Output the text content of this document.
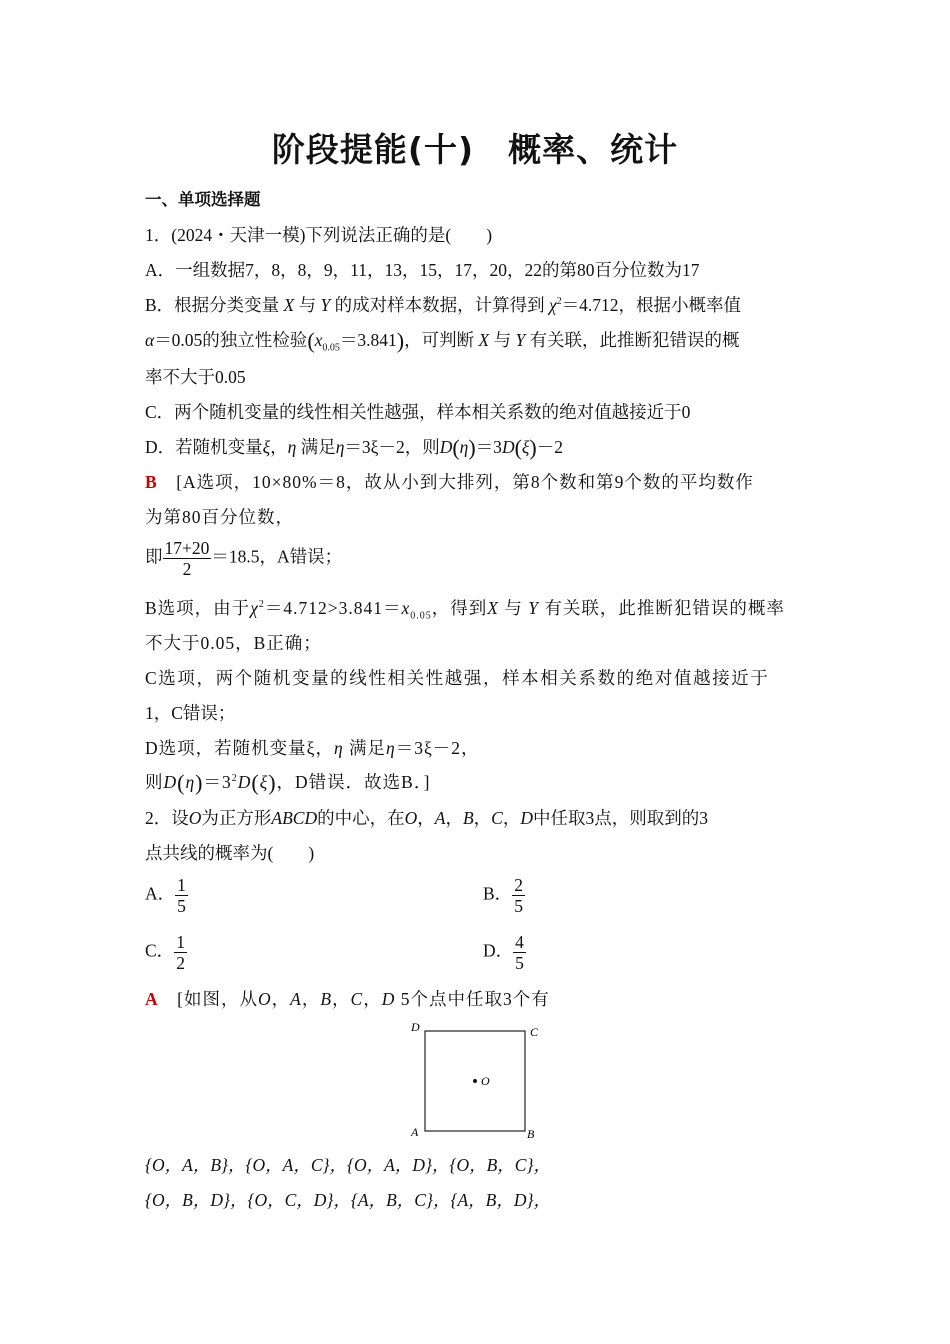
阶段提能(十)　概率、统计
一、单项选择题
1．(2024・天津一模)下列说法正确的是(　　)
A．一组数据7，8，8，9，11，13，15，17，20，22的第80百分位数为17
B．根据分类变量 X 与 Y 的成对样本数据，计算得到 $\chi^2=4.712$，根据小概率值
α＝0.05的独立性检验$(x_{0.05}=3.841)$，可判断 X 与 Y 有关联，此推断犯错误的概
率不大于0.05
C．两个随机变量的线性相关性越强，样本相关系数的绝对值越接近于0
D．若随机变量ξ，η 满足η＝3ξ－2，则D(η)＝3D(ξ)－2
B　 [A选项，10×80%＝8，故从小到大排列，第8个数和第9个数的平均数作
为第80百分位数，
即 $\frac{17+20}{2} =18.5$，A错误；
B选项，由于$\chi^2=4.712>3.841=x_{0.05}$，得到X 与 Y 有关联，此推断犯错误的概率
不大于0.05，B正确；
C选项，两个随机变量的线性相关性越强，样本相关系数的绝对值越接近于
1，C错误；
D选项，若随机变量ξ，η 满足η＝3ξ－2，
则$D(\eta)=3^2D(\xi)$，D错误．故选B．]
2．设O为正方形ABCD的中心，在O，A，B，C，D中任取3点，则取到的3
点共线的概率为(　　)
A． $\frac{1}{5}$	B． $\frac{2}{5}$
C． $\frac{1}{2}$	D． $\frac{4}{5}$
A　 [如图，从O，A，B，C，D 5个点中任取3个有
D	C
A	B
O
{O，A，B}，{O，A，C}，{O，A，D}，{O，B，C}，
{O，B，D}，{O，C，D}，{A，B，C}，{A，B，D}，
